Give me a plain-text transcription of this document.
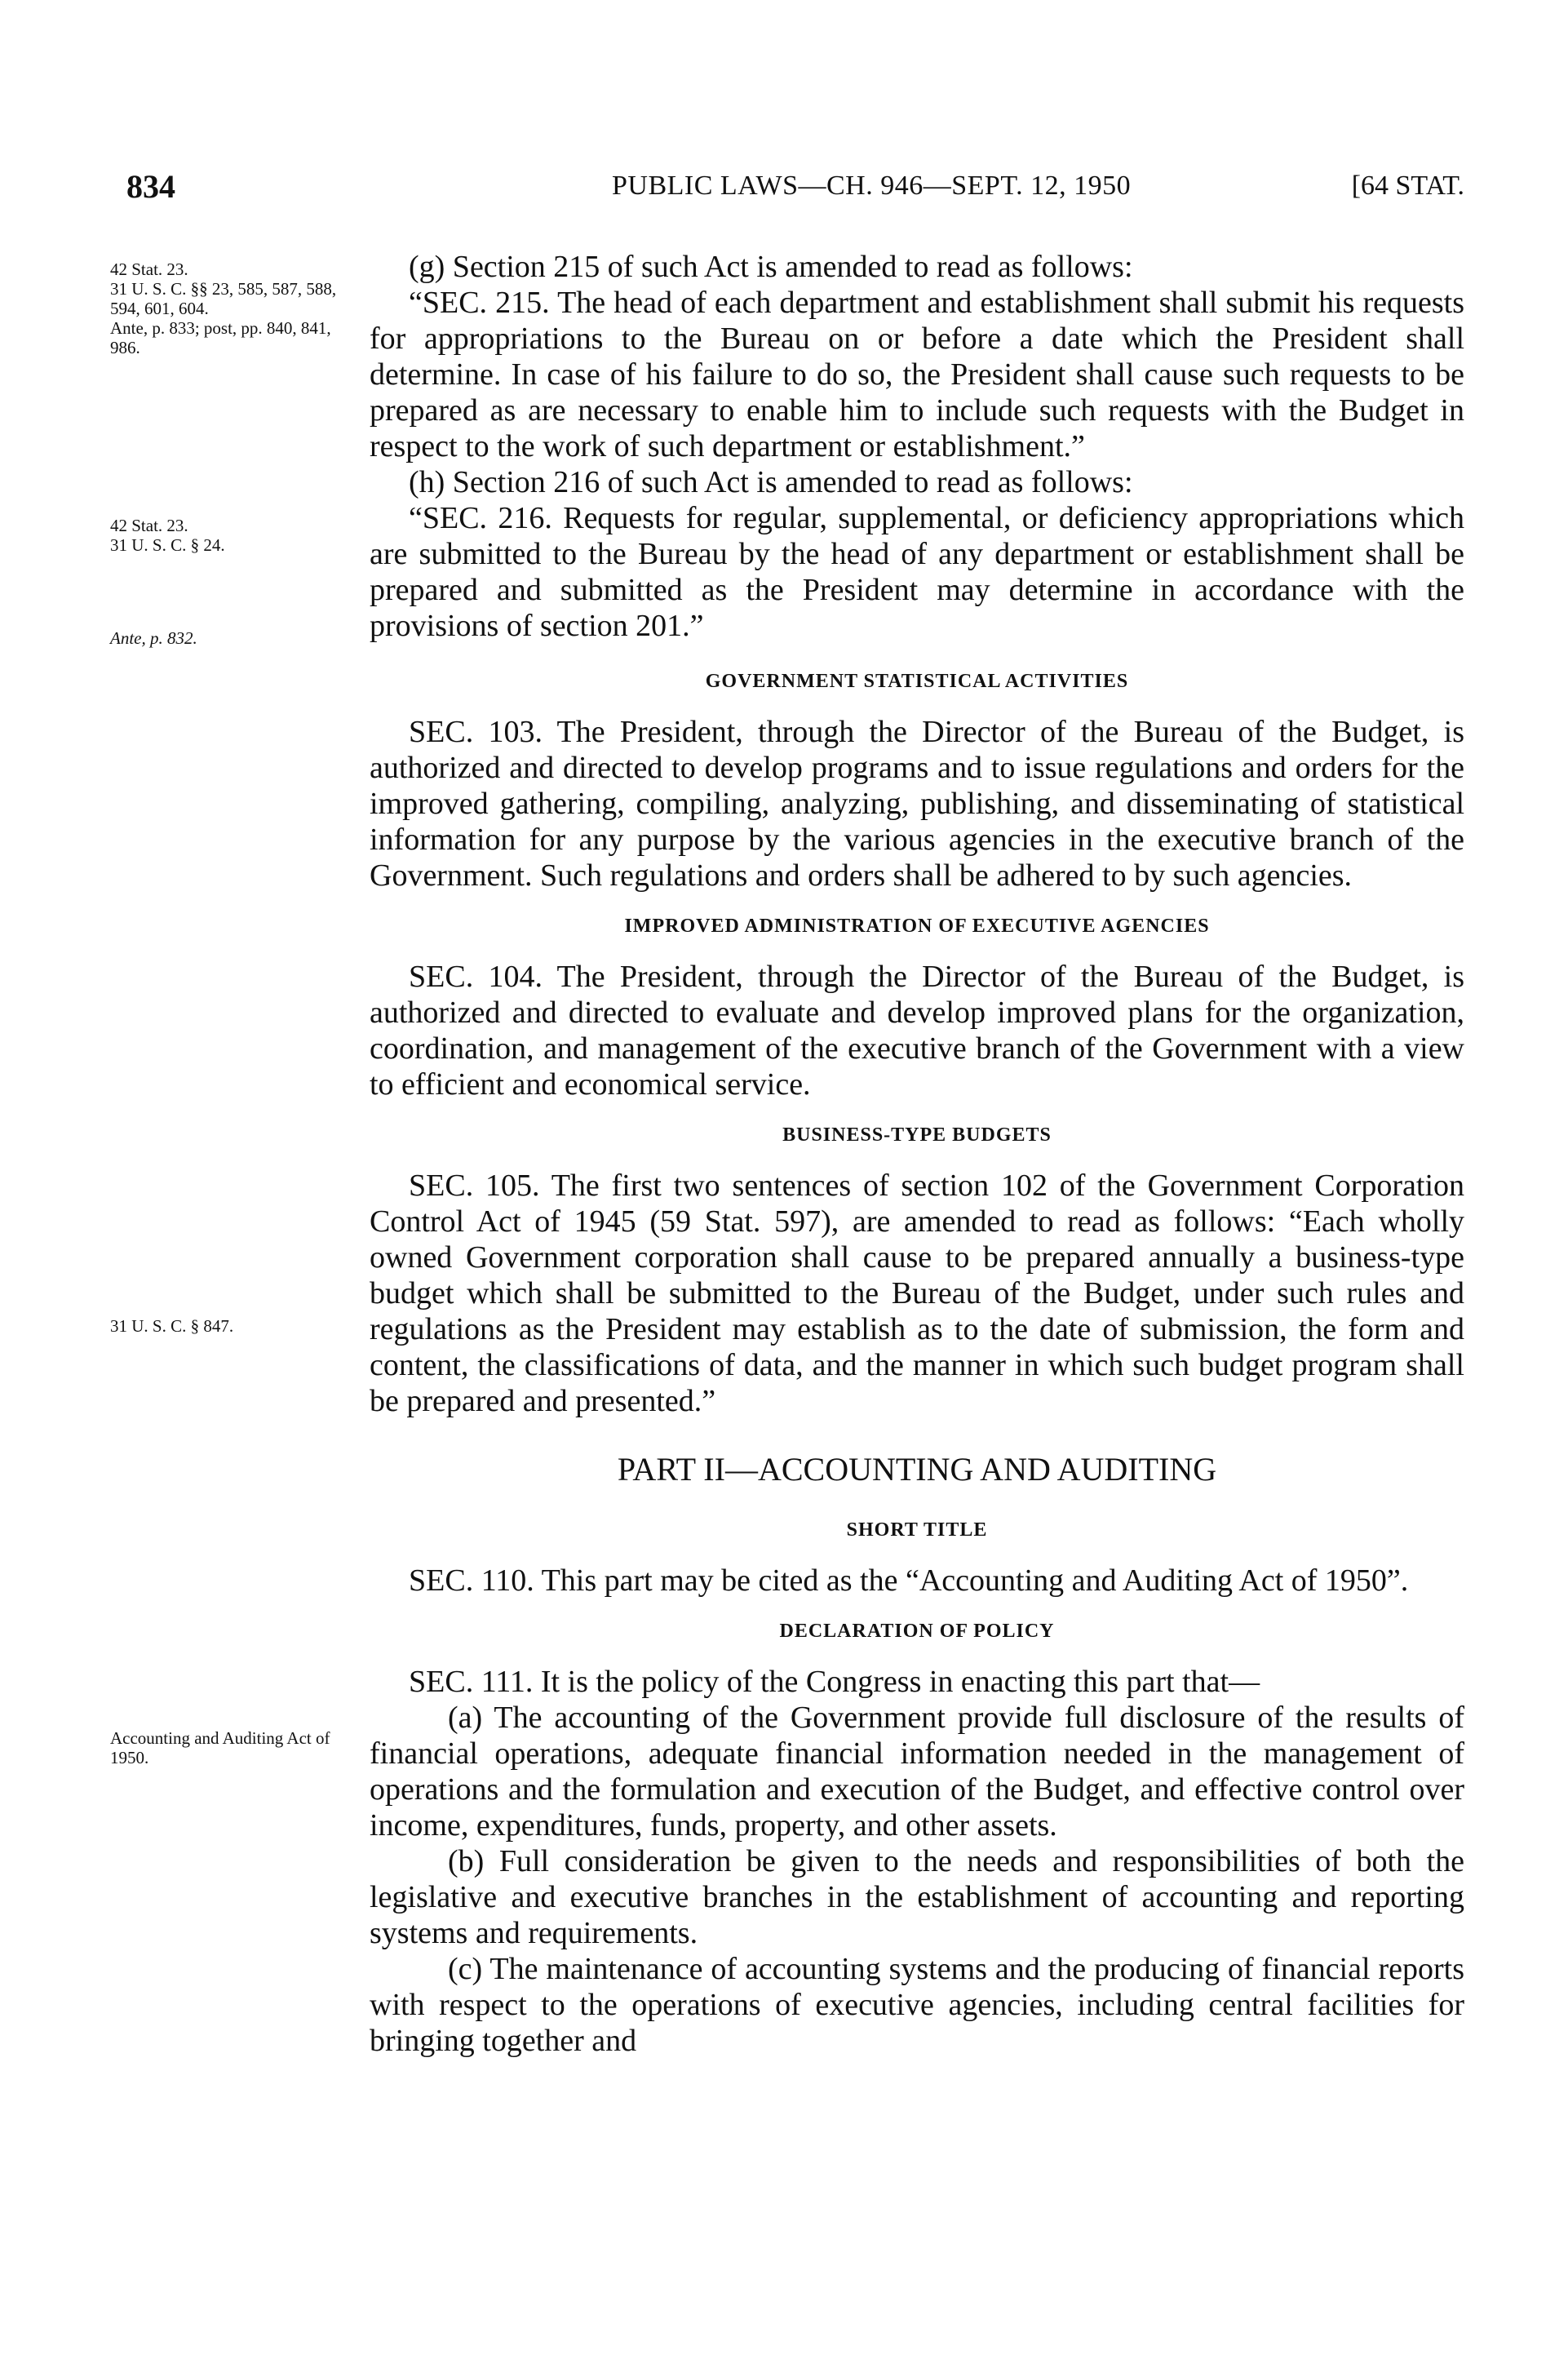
834	PUBLIC LAWS—CH. 946—SEPT. 12, 1950	[64 STAT.
42 Stat. 23.
31 U. S. C. §§ 23, 585, 587, 588, 594, 601, 604.
Ante, p. 833; post, pp. 840, 841, 986.
42 Stat. 23.
31 U. S. C. § 24.
Ante, p. 832.
31 U. S. C. § 847.
Accounting and Auditing Act of 1950.

(g) Section 215 of such Act is amended to read as follows:

“SEC. 215. The head of each department and establishment shall submit his requests for appropriations to the Bureau on or before a date which the President shall determine. In case of his failure to do so, the President shall cause such requests to be prepared as are necessary to enable him to include such requests with the Budget in respect to the work of such department or establishment.”

(h) Section 216 of such Act is amended to read as follows:

“SEC. 216. Requests for regular, supplemental, or deficiency appropriations which are submitted to the Bureau by the head of any department or establishment shall be prepared and submitted as the President may determine in accordance with the provisions of section 201.”

GOVERNMENT STATISTICAL ACTIVITIES

SEC. 103. The President, through the Director of the Bureau of the Budget, is authorized and directed to develop programs and to issue regulations and orders for the improved gathering, compiling, analyzing, publishing, and disseminating of statistical information for any purpose by the various agencies in the executive branch of the Government. Such regulations and orders shall be adhered to by such agencies.

IMPROVED ADMINISTRATION OF EXECUTIVE AGENCIES

SEC. 104. The President, through the Director of the Bureau of the Budget, is authorized and directed to evaluate and develop improved plans for the organization, coordination, and management of the executive branch of the Government with a view to efficient and economical service.

BUSINESS-TYPE BUDGETS

SEC. 105. The first two sentences of section 102 of the Government Corporation Control Act of 1945 (59 Stat. 597), are amended to read as follows: “Each wholly owned Government corporation shall cause to be prepared annually a business-type budget which shall be submitted to the Bureau of the Budget, under such rules and regulations as the President may establish as to the date of submission, the form and content, the classifications of data, and the manner in which such budget program shall be prepared and presented.”

PART II—ACCOUNTING AND AUDITING
SHORT TITLE

SEC. 110. This part may be cited as the “Accounting and Auditing Act of 1950”.

DECLARATION OF POLICY

SEC. 111. It is the policy of the Congress in enacting this part that—

(a) The accounting of the Government provide full disclosure of the results of financial operations, adequate financial information needed in the management of operations and the formulation and execution of the Budget, and effective control over income, expenditures, funds, property, and other assets.

(b) Full consideration be given to the needs and responsibilities of both the legislative and executive branches in the establishment of accounting and reporting systems and requirements.

(c) The maintenance of accounting systems and the producing of financial reports with respect to the operations of executive agencies, including central facilities for bringing together and
